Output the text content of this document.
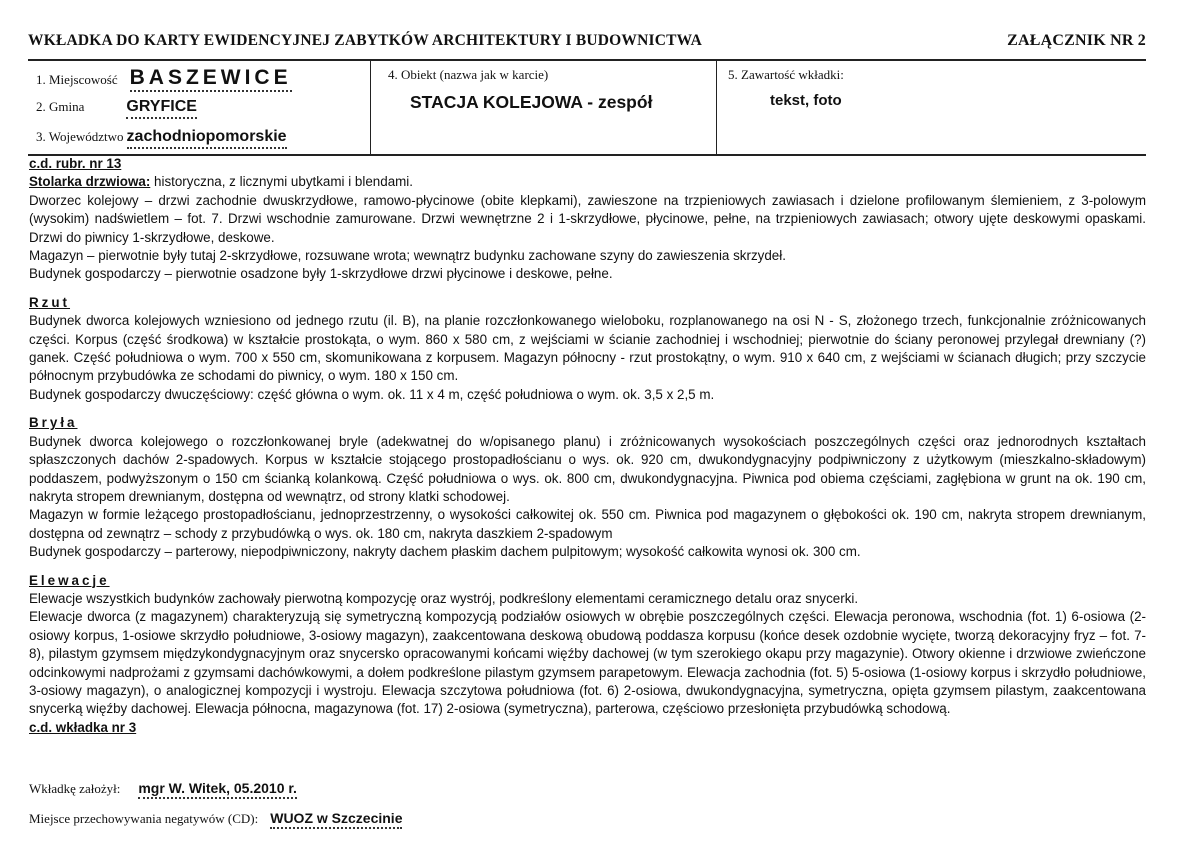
WKŁADKA DO KARTY EWIDENCYJNEJ ZABYTKÓW ARCHITEKTURY I BUDOWNICTWA	ZAŁĄCZNIK NR 2
1. Miejscowość BASZEWICE
2. Gmina	GRYFICE
3. Województwo zachodniopomorskie
4. Obiekt (nazwa jak w karcie)
STACJA KOLEJOWA - zespół
5. Zawartość wkładki:
tekst, foto

c.d. rubr. nr 13

Stolarka drzwiowa: historyczna, z licznymi ubytkami i blendami.

Dworzec kolejowy – drzwi zachodnie dwuskrzydłowe, ramowo-płycinowe (obite klepkami), zawieszone na trzpieniowych zawiasach i dzielone profilowanym ślemieniem, z 3-polowym (wysokim) nadświetlem – fot. 7. Drzwi wschodnie zamurowane. Drzwi wewnętrzne 2 i 1-skrzydłowe, płycinowe, pełne, na trzpieniowych zawiasach; otwory ujęte deskowymi opaskami. Drzwi do piwnicy 1-skrzydłowe, deskowe.

Magazyn – pierwotnie były tutaj 2-skrzydłowe, rozsuwane wrota; wewnątrz budynku zachowane szyny do zawieszenia skrzydeł.

Budynek gospodarczy – pierwotnie osadzone były 1-skrzydłowe drzwi płycinowe i deskowe, pełne.

Rzut

Budynek dworca kolejowych wzniesiono od jednego rzutu (il. B), na planie rozczłonkowanego wieloboku, rozplanowanego na osi N - S, złożonego trzech, funkcjonalnie zróżnicowanych części. Korpus (część środkowa) w kształcie prostokąta, o wym. 860 x 580 cm, z wejściami w ścianie zachodniej i wschodniej; pierwotnie do ściany peronowej przylegał drewniany (?) ganek. Część południowa o wym. 700 x 550 cm, skomunikowana z korpusem. Magazyn północny - rzut prostokątny, o wym. 910 x 640 cm, z wejściami w ścianach długich; przy szczycie północnym przybudówka ze schodami do piwnicy, o wym. 180 x 150 cm.

Budynek gospodarczy dwuczęściowy: część główna o wym. ok. 11 x 4 m, część południowa o wym. ok. 3,5 x 2,5 m.

Bryła

Budynek dworca kolejowego o rozczłonkowanej bryle (adekwatnej do w/opisanego planu) i zróżnicowanych wysokościach poszczególnych części oraz jednorodnych kształtach spłaszczonych dachów 2-spadowych. Korpus w kształcie stojącego prostopadłościanu o wys. ok. 920 cm, dwukondygnacyjny podpiwniczony z użytkowym (mieszkalno-składowym) poddaszem, podwyższonym o 150 cm ścianką kolankową. Część południowa o wys. ok. 800 cm, dwukondygnacyjna. Piwnica pod obiema częściami, zagłębiona w grunt na ok. 190 cm, nakryta stropem drewnianym, dostępna od wewnątrz, od strony klatki schodowej.

Magazyn w formie leżącego prostopadłościanu, jednoprzestrzenny, o wysokości całkowitej ok. 550 cm. Piwnica pod magazynem o głębokości ok. 190 cm, nakryta stropem drewnianym, dostępna od zewnątrz – schody z przybudówką o wys. ok. 180 cm, nakryta daszkiem 2-spadowym

Budynek gospodarczy – parterowy, niepodpiwniczony, nakryty dachem płaskim dachem pulpitowym; wysokość całkowita wynosi ok. 300 cm.

Elewacje

Elewacje wszystkich budynków zachowały pierwotną kompozycję oraz wystrój, podkreślony elementami ceramicznego detalu oraz snycerki.

Elewacje dworca (z magazynem) charakteryzują się symetryczną kompozycją podziałów osiowych w obrębie poszczególnych części. Elewacja peronowa, wschodnia (fot. 1) 6-osiowa (2-osiowy korpus, 1-osiowe skrzydło południowe, 3-osiowy magazyn), zaakcentowana deskową obudową poddasza korpusu (końce desek ozdobnie wycięte, tworzą dekoracyjny fryz – fot. 7-8), pilastym gzymsem międzykondygnacyjnym oraz snycersko opracowanymi końcami więźby dachowej (w tym szerokiego okapu przy magazynie). Otwory okienne i drzwiowe zwieńczone odcinkowymi nadprożami z gzymsami dachówkowymi, a dołem podkreślone pilastym gzymsem parapetowym. Elewacja zachodnia (fot. 5) 5-osiowa (1-osiowy korpus i skrzydło południowe, 3-osiowy magazyn), o analogicznej kompozycji i wystroju. Elewacja szczytowa południowa (fot. 6) 2-osiowa, dwukondygnacyjna, symetryczna, opięta gzymsem pilastym, zaakcentowana snycerką więźby dachowej. Elewacja północna, magazynowa (fot. 17) 2-osiowa (symetryczna), parterowa, częściowo przesłonięta przybudówką schodową.

c.d. wkładka nr 3

Wkładkę założył: mgr W. Witek, 05.2010 r.
Miejsce przechowywania negatywów (CD): WUOZ w Szczecinie
